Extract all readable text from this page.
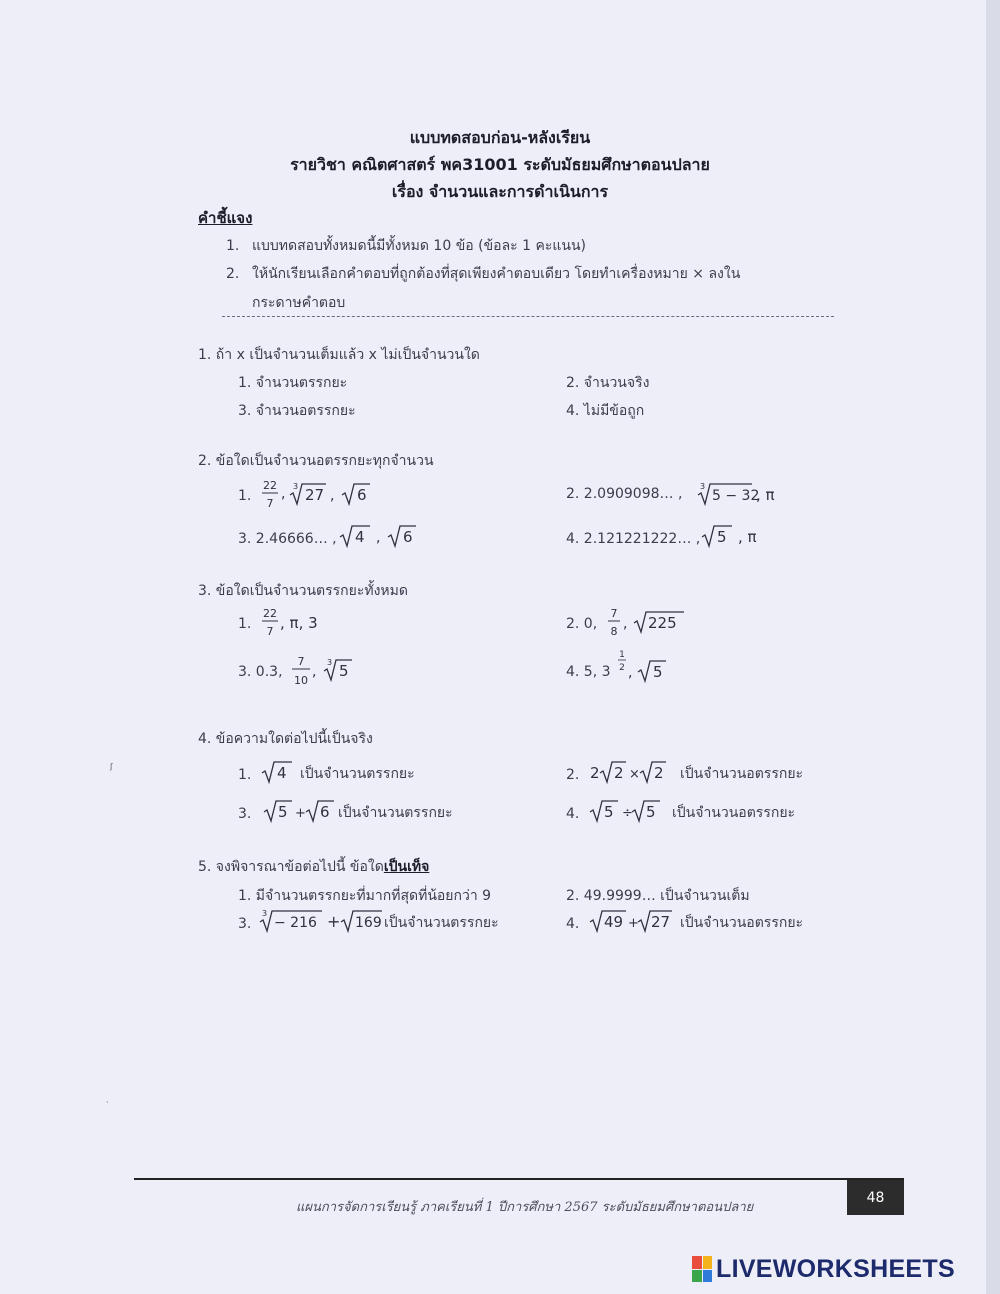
แบบทดสอบก่อน-หลังเรียน
รายวิชา คณิตศาสตร์ พค31001 ระดับมัธยมศึกษาตอนปลาย
เรื่อง จำนวนและการดำเนินการ
คำชี้แจง
1. แบบทดสอบทั้งหมดนี้มีทั้งหมด 10 ข้อ (ข้อละ 1 คะแนน)
2. ให้นักเรียนเลือกคำตอบที่ถูกต้องที่สุดเพียงคำตอบเดียว โดยทำเครื่องหมาย × ลงใน
กระดาษคำตอบ
1. ถ้า x เป็นจำนวนเต็มแล้ว x ไม่เป็นจำนวนใด
1. จำนวนตรรกยะ	2. จำนวนจริง
3. จำนวนอตรรกยะ	4. ไม่มีข้อถูก
2. ข้อใดเป็นจำนวนอตรรกยะทุกจำนวน
1.
22
7
, 3 27 , 6	2. 2.0909098… , 3
5 − 32
, π
3. 2.46666… , 4 , 6	4. 2.121221222… , 5 , π
3. ข้อใดเป็นจำนวนตรรกยะทั้งหมด
1.
22
7 , π, 3	2. 0,
7
8 , 225
3. 0.3,
7
10
,
3 5	4. 5, 3
1
2 , 5
4. ข้อความใดต่อไปนี้เป็นจริง
1. 4 เป็นจำนวนตรรกยะ	2. 2 2 × 2 เป็นจำนวนอตรรกยะ
3. 5 + 6 เป็นจำนวนตรรกยะ	4. 5 ÷ 5 เป็นจำนวนอตรรกยะ
5. จงพิจารณาข้อต่อไปนี้ ข้อใดเป็นเท็จ
1. มีจำนวนตรรกยะที่มากที่สุดที่น้อยกว่า 9	2. 49.9999… เป็นจำนวนเต็ม
3.
3
− 216 + 169 เป็นจำนวนตรรกยะ	4. 49 + 27 เป็นจำนวนอตรรกยะ
ʃ
·
แผนการจัดการเรียนรู้ ภาคเรียนที่ 1 ปีการศึกษา 2567 ระดับมัธยมศึกษาตอนปลาย
48
LIVEWORKSHEETS
